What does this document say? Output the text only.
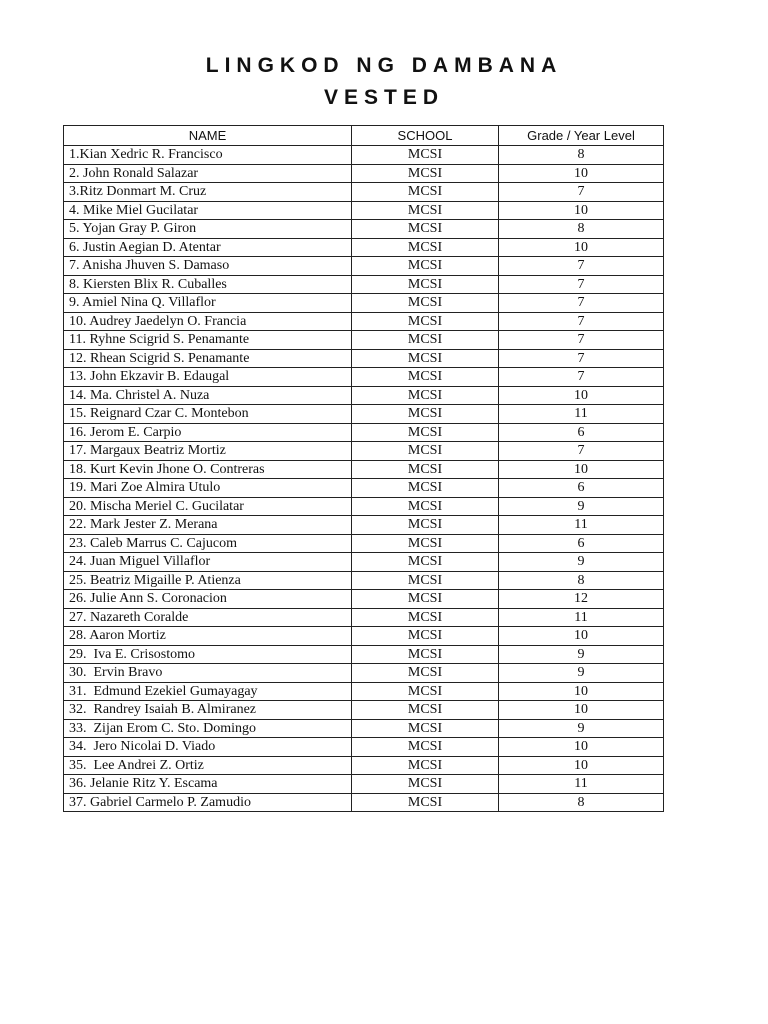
LINGKOD NG DAMBANA
VESTED
NAME	SCHOOL	Grade / Year Level
1.Kian Xedric R. Francisco	MCSI	8
2. John Ronald Salazar	MCSI	10
3.Ritz Donmart M. Cruz	MCSI	7
4. Mike Miel Gucilatar	MCSI	10
5. Yojan Gray P. Giron	MCSI	8
6. Justin Aegian D. Atentar	MCSI	10
7. Anisha Jhuven S. Damaso	MCSI	7
8. Kiersten Blix R. Cuballes	MCSI	7
9. Amiel Nina Q. Villaflor	MCSI	7
10. Audrey Jaedelyn O. Francia	MCSI	7
11. Ryhne Scigrid S. Penamante	MCSI	7
12. Rhean Scigrid S. Penamante	MCSI	7
13. John Ekzavir B. Edaugal	MCSI	7
14. Ma. Christel A. Nuza	MCSI	10
15. Reignard Czar C. Montebon	MCSI	11
16. Jerom E. Carpio	MCSI	6
17. Margaux Beatriz Mortiz	MCSI	7
18. Kurt Kevin Jhone O. Contreras	MCSI	10
19. Mari Zoe Almira Utulo	MCSI	6
20. Mischa Meriel C. Gucilatar	MCSI	9
22. Mark Jester Z. Merana	MCSI	11
23. Caleb Marrus C. Cajucom	MCSI	6
24. Juan Miguel Villaflor	MCSI	9
25. Beatriz Migaille P. Atienza	MCSI	8
26. Julie Ann S. Coronacion	MCSI	12
27. Nazareth Coralde	MCSI	11
28. Aaron Mortiz	MCSI	10
29.  Iva E. Crisostomo	MCSI	9
30.  Ervin Bravo	MCSI	9
31.  Edmund Ezekiel Gumayagay	MCSI	10
32.  Randrey Isaiah B. Almiranez	MCSI	10
33.  Zijan Erom C. Sto. Domingo	MCSI	9
34.  Jero Nicolai D. Viado	MCSI	10
35.  Lee Andrei Z. Ortiz	MCSI	10
36. Jelanie Ritz Y. Escama	MCSI	11
37. Gabriel Carmelo P. Zamudio	MCSI	8
